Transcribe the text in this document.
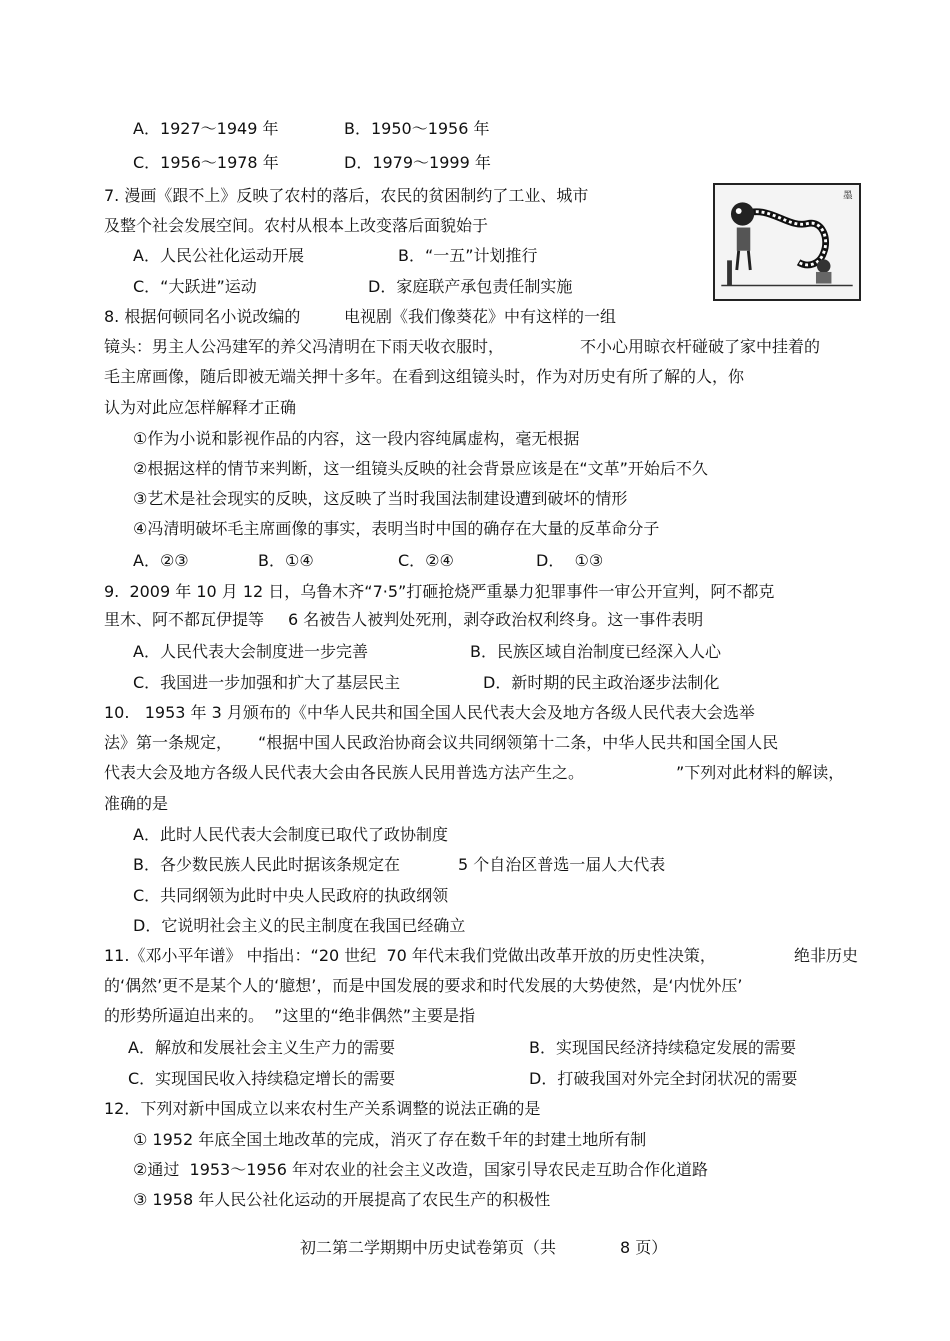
A．1927～1949 年	B．1950～1956 年
C．1956～1978 年	D．1979～1999 年
7. 漫画《跟不上》反映了农村的落后，农民的贫困制约了工业、城市
及整个社会发展空间。农村从根本上改变落后面貌始于
A．人民公社化运动开展	B．“一五”计划推行
C．“大跃进”运动	D．家庭联产承包责任制实施
墨
8. 根据何顿同名小说改编的	电视剧《我们像葵花》中有这样的一组
镜头：男主人公冯建军的养父冯清明在下雨天收衣服时，	不小心用晾衣杆碰破了家中挂着的
毛主席画像，随后即被无端关押十多年。在看到这组镜头时，作为对历史有所了解的人，你
认为对此应怎样解释才正确
①作为小说和影视作品的内容，这一段内容纯属虚构，毫无根据
②根据这样的情节来判断，这一组镜头反映的社会背景应该是在“文革”开始后不久
③艺术是社会现实的反映，这反映了当时我国法制建设遭到破坏的情形
④冯清明破坏毛主席画像的事实，表明当时中国的确存在大量的反革命分子
A．②③	B．①④	C．②④	D．  ①③
9.  2009 年 10 月 12 日，乌鲁木齐“7·5”打砸抢烧严重暴力犯罪事件一审公开宣判，阿不都克
里木、阿不都瓦伊提等 6 名被告人被判处死刑，剥夺政治权利终身。这一事件表明
A．人民代表大会制度进一步完善	B．民族区域自治制度已经深入人心
C．我国进一步加强和扩大了基层民主	D．新时期的民主政治逐步法制化
10.   1953 年 3 月颁布的《中华人民共和国全国人民代表大会及地方各级人民代表大会选举
法》第一条规定， “根据中国人民政治协商会议共同纲领第十二条，中华人民共和国全国人民
代表大会及地方各级人民代表大会由各民族人民用普选方法产生之。	”下列对此材料的解读，
准确的是
A．此时人民代表大会制度已取代了政协制度
B．各少数民族人民此时据该条规定在	5 个自治区普选一届人大代表
C．共同纲领为此时中央人民政府的执政纲领
D．它说明社会主义的民主制度在我国已经确立
11.《邓小平年谱》 中指出：“20 世纪  70 年代末我们党做出改革开放的历史性决策，	绝非历史
的‘偶然’更不是某个人的‘臆想’，而是中国发展的要求和时代发展的大势使然，是‘内忧外压’
的形势所逼迫出来的。  ”这里的“绝非偶然”主要是指
A．解放和发展社会主义生产力的需要	B．实现国民经济持续稳定发展的需要
C．实现国民收入持续稳定增长的需要	D．打破我国对外完全封闭状况的需要
12．下列对新中国成立以来农村生产关系调整的说法正确的是
① 1952 年底全国土地改革的完成，消灭了存在数千年的封建土地所有制
②通过  1953～1956 年对农业的社会主义改造，国家引导农民走互助合作化道路
③ 1958 年人民公社化运动的开展提高了农民生产的积极性
初二第二学期期中历史试卷第页（共	8 页）
